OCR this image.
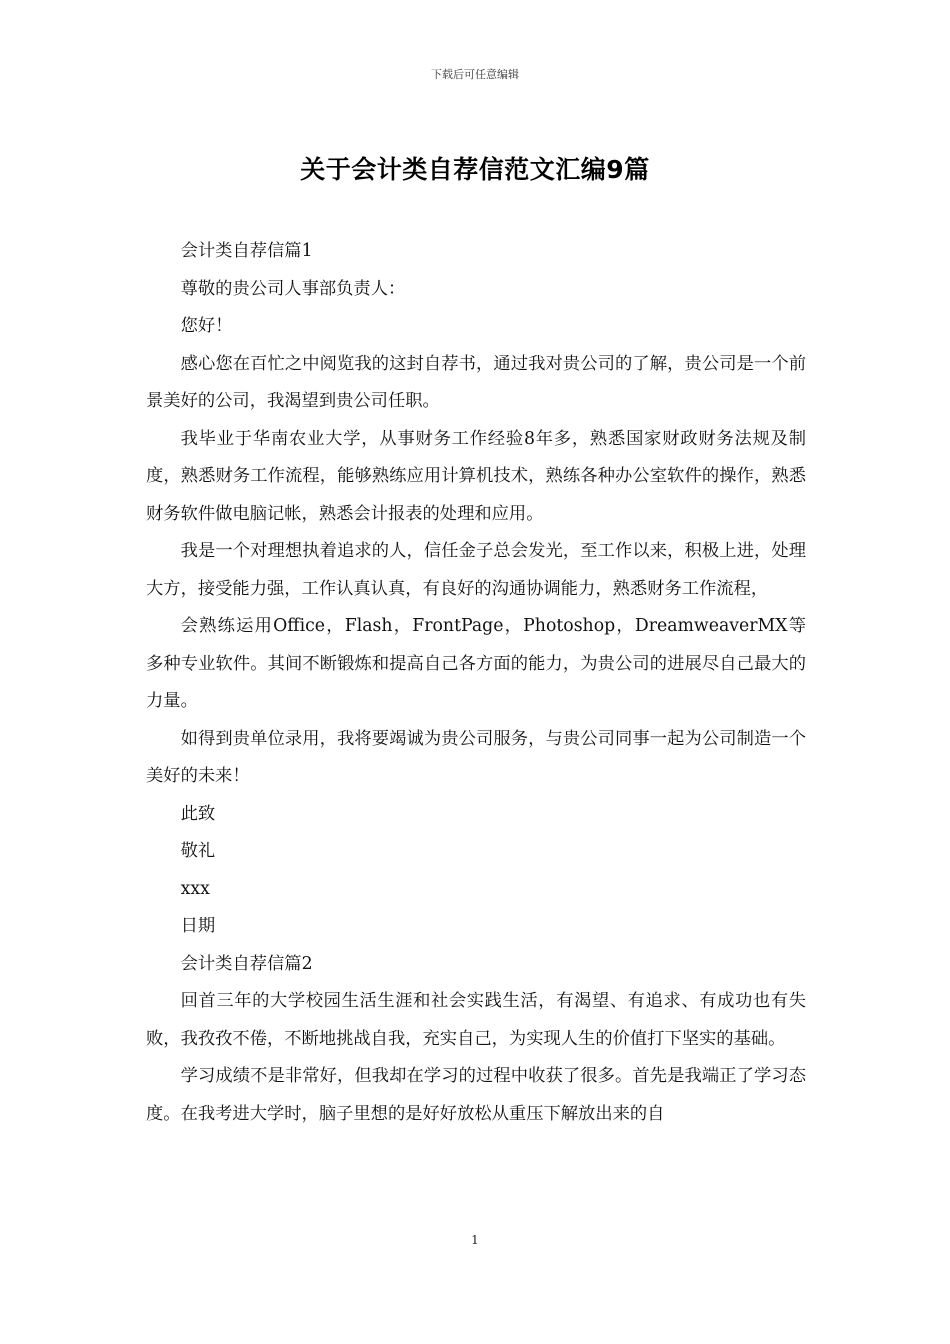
下载后可任意编辑
关于会计类自荐信范文汇编9篇

会计类自荐信篇1

尊敬的贵公司人事部负责人：

您好！

感心您在百忙之中阅览我的这封自荐书，通过我对贵公司的了解，贵公司是一个前景美好的公司，我渴望到贵公司任职。

我毕业于华南农业大学，从事财务工作经验8年多，熟悉国家财政财务法规及制度，熟悉财务工作流程，能够熟练应用计算机技术，熟练各种办公室软件的操作，熟悉财务软件做电脑记帐，熟悉会计报表的处理和应用。

我是一个对理想执着追求的人，信任金子总会发光，至工作以来，积极上进，处理大方，接受能力强，工作认真认真，有良好的沟通协调能力，熟悉财务工作流程，

会熟练运用Office，Flash，FrontPage，Photoshop，DreamweaverMX等多种专业软件。其间不断锻炼和提高自己各方面的能力，为贵公司的进展尽自己最大的力量。

如得到贵单位录用，我将要竭诚为贵公司服务，与贵公司同事一起为公司制造一个美好的未来！

此致

敬礼

xxx

日期

会计类自荐信篇2

回首三年的大学校园生活生涯和社会实践生活，有渴望、有追求、有成功也有失败，我孜孜不倦，不断地挑战自我，充实自己，为实现人生的价值打下坚实的基础。

学习成绩不是非常好，但我却在学习的过程中收获了很多。首先是我端正了学习态度。在我考进大学时，脑子里想的是好好放松从重压下解放出来的自

1
